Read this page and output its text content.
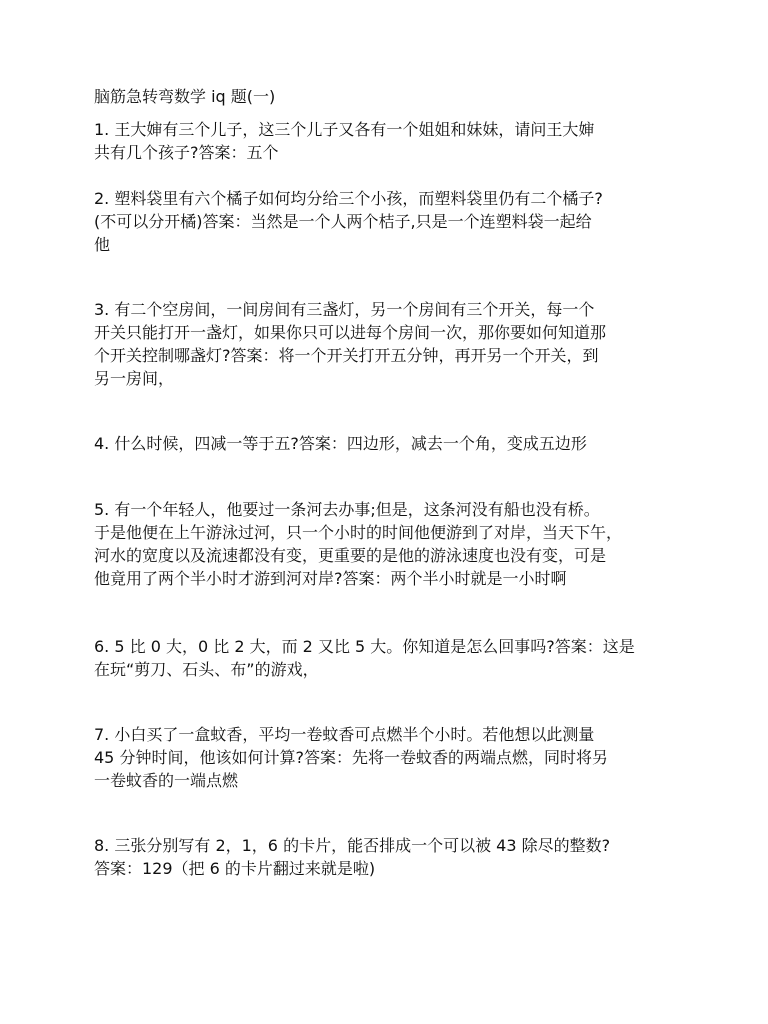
脑筋急转弯数学 iq 题(一)

1. 王大婶有三个儿子，这三个儿子又各有一个姐姐和妹妹，请问王大婶
共有几个孩子?答案：五个

2. 塑料袋里有六个橘子如何均分给三个小孩，而塑料袋里仍有二个橘子?
(不可以分开橘)答案：当然是一个人两个桔子,只是一个连塑料袋一起给
他

3. 有二个空房间，一间房间有三盏灯，另一个房间有三个开关，每一个
开关只能打开一盏灯，如果你只可以进每个房间一次，那你要如何知道那
个开关控制哪盏灯?答案：将一个开关打开五分钟，再开另一个开关，到
另一房间，

4. 什么时候，四减一等于五?答案：四边形，减去一个角，变成五边形

5. 有一个年轻人，他要过一条河去办事;但是，这条河没有船也没有桥。
于是他便在上午游泳过河，只一个小时的时间他便游到了对岸，当天下午，
河水的宽度以及流速都没有变，更重要的是他的游泳速度也没有变，可是
他竟用了两个半小时才游到河对岸?答案：两个半小时就是一小时啊

6. 5 比 0 大，0 比 2 大，而 2 又比 5 大。你知道是怎么回事吗?答案：这是
在玩“剪刀、石头、布”的游戏，

7. 小白买了一盒蚊香，平均一卷蚊香可点燃半个小时。若他想以此测量
45 分钟时间，他该如何计算?答案：先将一卷蚊香的两端点燃，同时将另
一卷蚊香的一端点燃

8. 三张分别写有 2，1，6 的卡片，能否排成一个可以被 43 除尽的整数?
答案：129（把 6 的卡片翻过来就是啦)
